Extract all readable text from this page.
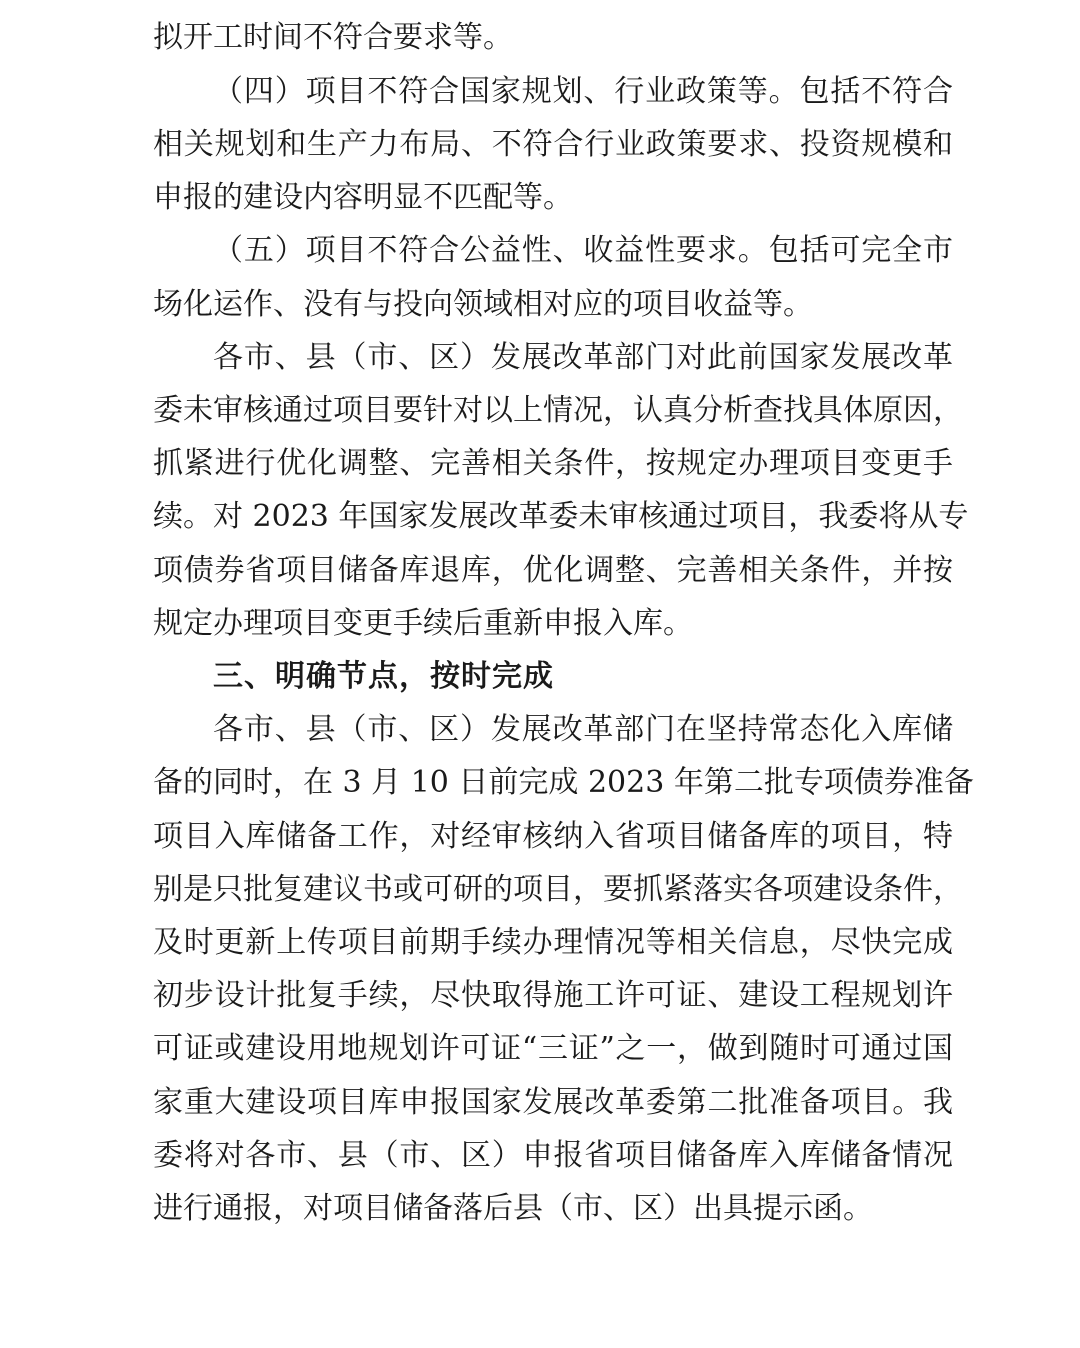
拟开工时间不符合要求等。

（四）项目不符合国家规划、行业政策等。包括不符合

相关规划和生产力布局、不符合行业政策要求、投资规模和

申报的建设内容明显不匹配等。

（五）项目不符合公益性、收益性要求。包括可完全市

场化运作、没有与投向领域相对应的项目收益等。

各市、县（市、区）发展改革部门对此前国家发展改革

委未审核通过项目要针对以上情况，认真分析查找具体原因，

抓紧进行优化调整、完善相关条件，按规定办理项目变更手

续。对 2023 年国家发展改革委未审核通过项目，我委将从专

项债券省项目储备库退库，优化调整、完善相关条件，并按

规定办理项目变更手续后重新申报入库。

三、明确节点，按时完成

各市、县（市、区）发展改革部门在坚持常态化入库储

备的同时，在 3 月 10 日前完成 2023 年第二批专项债券准备

项目入库储备工作，对经审核纳入省项目储备库的项目，特

别是只批复建议书或可研的项目，要抓紧落实各项建设条件，

及时更新上传项目前期手续办理情况等相关信息，尽快完成

初步设计批复手续，尽快取得施工许可证、建设工程规划许

可证或建设用地规划许可证“三证”之一，做到随时可通过国

家重大建设项目库申报国家发展改革委第二批准备项目。我

委将对各市、县（市、区）申报省项目储备库入库储备情况

进行通报，对项目储备落后县（市、区）出具提示函。
